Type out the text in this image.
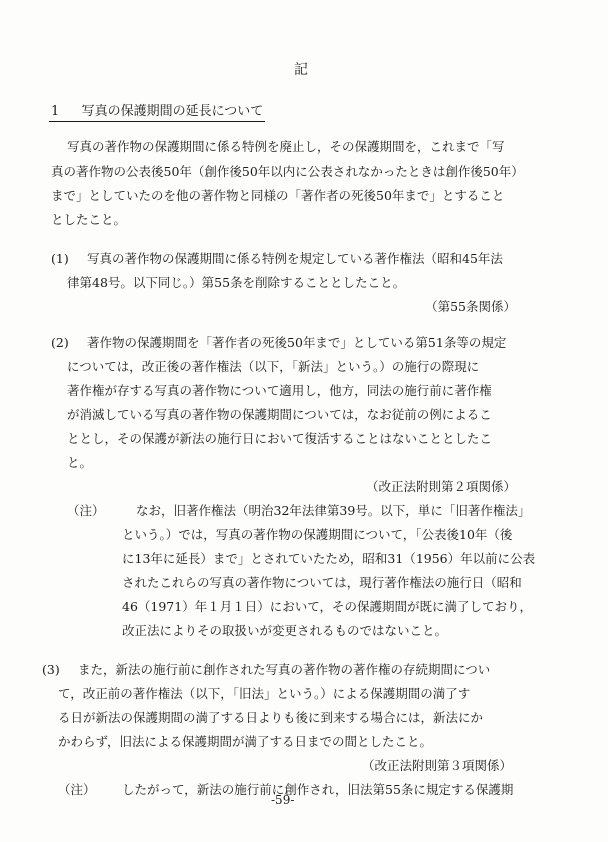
記
1 写真の保護期間の延長について
写真の著作物の保護期間に係る特例を廃止し，その保護期間を，これまで「写
真の著作物の公表後50年（創作後50年以内に公表されなかったときは創作後50年）
まで」としていたのを他の著作物と同様の「著作者の死後50年まで」とすること
としたこと。
(1) 写真の著作物の保護期間に係る特例を規定している著作権法（昭和45年法
律第48号。以下同じ。）第55条を削除することとしたこと。
（第55条関係）
(2) 著作物の保護期間を「著作者の死後50年まで」としている第51条等の規定
については，改正後の著作権法（以下，「新法」という。）の施行の際現に
著作権が存する写真の著作物について適用し，他方，同法の施行前に著作権
が消滅している写真の著作物の保護期間については，なお従前の例によるこ
ととし，その保護が新法の施行日において復活することはないこととしたこ
と。
（改正法附則第２項関係）
（注）	なお，旧著作権法（明治32年法律第39号。以下，単に「旧著作権法」
という。）では，写真の著作物の保護期間について，「公表後10年（後
に13年に延長）まで」とされていたため，昭和31（1956）年以前に公表
されたこれらの写真の著作物については，現行著作権法の施行日（昭和
46（1971）年１月１日）において，その保護期間が既に満了しており，
改正法によりその取扱いが変更されるものではないこと。
(3) また，新法の施行前に創作された写真の著作物の著作権の存続期間につい
て，改正前の著作権法（以下，「旧法」という。）による保護期間の満了す
る日が新法の保護期間の満了する日よりも後に到来する場合には，新法にか
かわらず，旧法による保護期間が満了する日までの間としたこと。
（改正法附則第３項関係）
（注） したがって，新法の施行前に創作され，旧法第55条に規定する保護期
-59-
